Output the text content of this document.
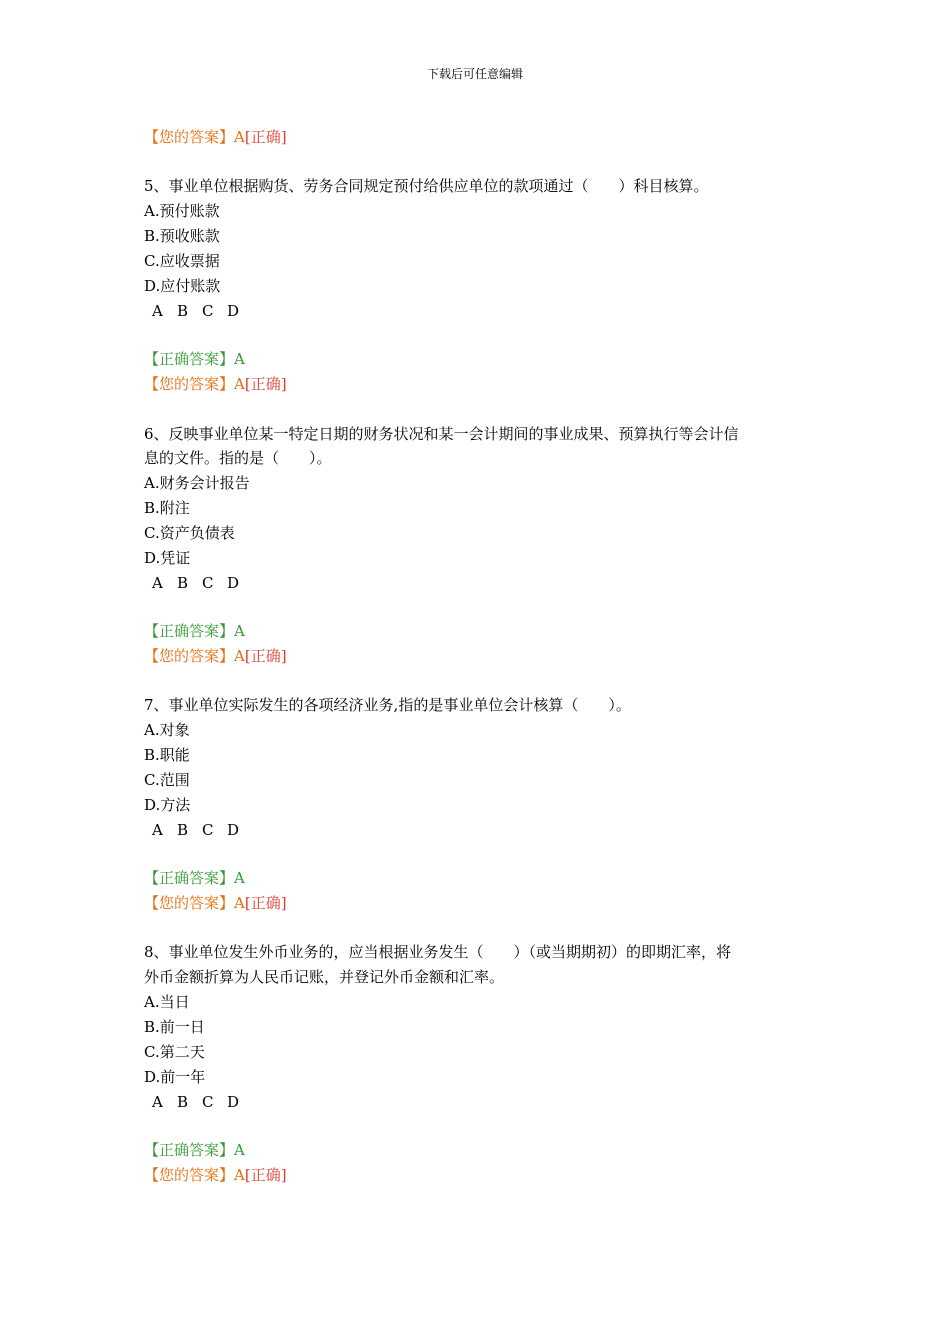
下载后可任意编辑
【您的答案】A[正确]
5、事业单位根据购货、劳务合同规定预付给供应单位的款项通过（　　）科目核算。
A.预付账款
B.预收账款
C.应收票据
D.应付账款
A B C D
【正确答案】A
【您的答案】A[正确]
6、反映事业单位某一特定日期的财务状况和某一会计期间的事业成果、预算执行等会计信
息的文件。指的是（　　）。
A.财务会计报告
B.附注
C.资产负债表
D.凭证
A B C D
【正确答案】A
【您的答案】A[正确]
7、事业单位实际发生的各项经济业务,指的是事业单位会计核算（　　）。
A.对象
B.职能
C.范围
D.方法
A B C D
【正确答案】A
【您的答案】A[正确]
8、事业单位发生外币业务的，应当根据业务发生（　　）（或当期期初）的即期汇率，将
外币金额折算为人民币记账，并登记外币金额和汇率。
A.当日
B.前一日
C.第二天
D.前一年
A B C D
【正确答案】A
【您的答案】A[正确]
